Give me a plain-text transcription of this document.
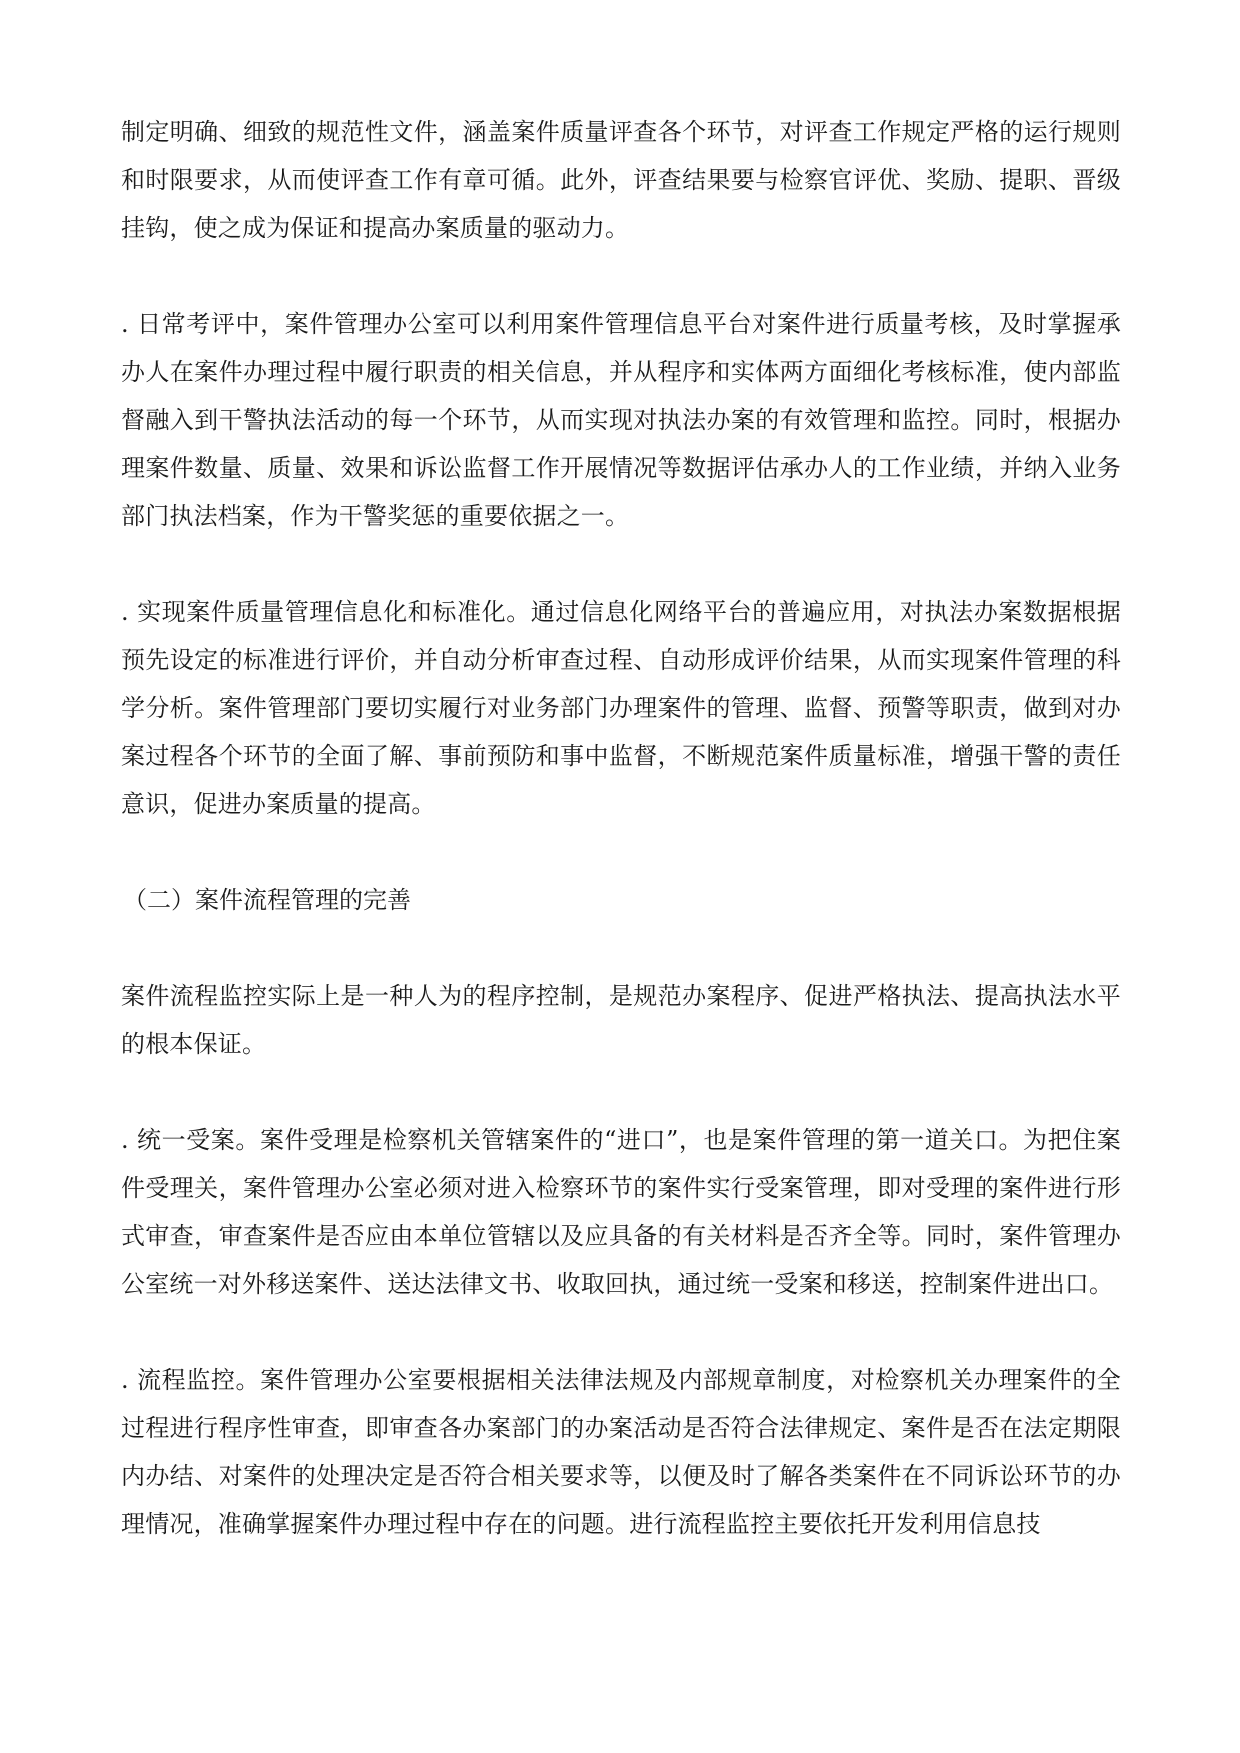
制定明确、细致的规范性文件，涵盖案件质量评查各个环节，对评查工作规定严格的运行规则和时限要求，从而使评查工作有章可循。此外，评查结果要与检察官评优、奖励、提职、晋级挂钩，使之成为保证和提高办案质量的驱动力。

. 日常考评中，案件管理办公室可以利用案件管理信息平台对案件进行质量考核，及时掌握承办人在案件办理过程中履行职责的相关信息，并从程序和实体两方面细化考核标准，使内部监督融入到干警执法活动的每一个环节，从而实现对执法办案的有效管理和监控。同时，根据办理案件数量、质量、效果和诉讼监督工作开展情况等数据评估承办人的工作业绩，并纳入业务部门执法档案，作为干警奖惩的重要依据之一。

. 实现案件质量管理信息化和标准化。通过信息化网络平台的普遍应用，对执法办案数据根据预先设定的标准进行评价，并自动分析审查过程、自动形成评价结果，从而实现案件管理的科学分析。案件管理部门要切实履行对业务部门办理案件的管理、监督、预警等职责，做到对办案过程各个环节的全面了解、事前预防和事中监督，不断规范案件质量标准，增强干警的责任意识，促进办案质量的提高。

（二）案件流程管理的完善

案件流程监控实际上是一种人为的程序控制，是规范办案程序、促进严格执法、提高执法水平的根本保证。

. 统一受案。案件受理是检察机关管辖案件的“进口”，也是案件管理的第一道关口。为把住案件受理关，案件管理办公室必须对进入检察环节的案件实行受案管理，即对受理的案件进行形式审查，审查案件是否应由本单位管辖以及应具备的有关材料是否齐全等。同时，案件管理办公室统一对外移送案件、送达法律文书、收取回执，通过统一受案和移送，控制案件进出口。

. 流程监控。案件管理办公室要根据相关法律法规及内部规章制度，对检察机关办理案件的全过程进行程序性审查，即审查各办案部门的办案活动是否符合法律规定、案件是否在法定期限内办结、对案件的处理决定是否符合相关要求等，以便及时了解各类案件在不同诉讼环节的办理情况，准确掌握案件办理过程中存在的问题。进行流程监控主要依托开发利用信息技
